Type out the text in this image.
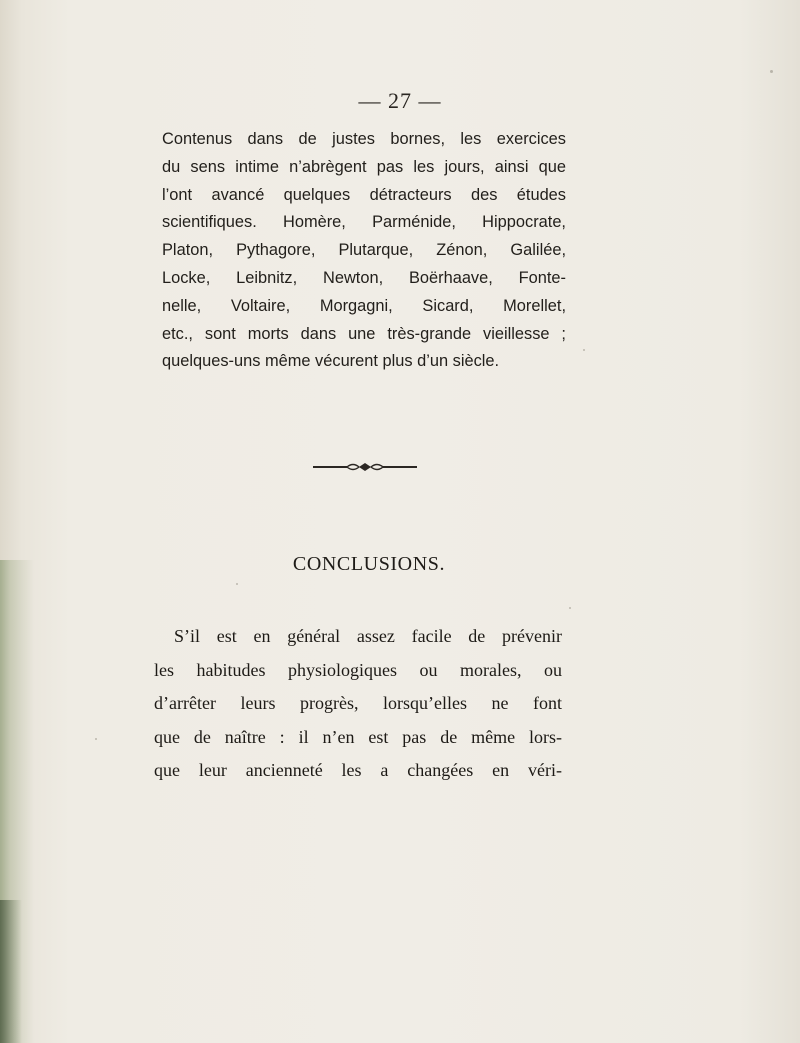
— 27 —
Contenus dans de justes bornes, les exercices
du sens intime n’abrègent pas les jours, ainsi que
l’ont avancé quelques détracteurs des études
scientifiques. Homère, Parménide, Hippocrate,
Platon, Pythagore, Plutarque, Zénon, Galilée,
Locke, Leibnitz, Newton, Boërhaave, Fonte-
nelle, Voltaire, Morgagni, Sicard, Morellet,
etc., sont morts dans une très-grande vieillesse ;
quelques-uns même vécurent plus d’un siècle.
CONCLUSIONS.
S’il est en général assez facile de prévenir
les habitudes physiologiques ou morales, ou
d’arrêter leurs progrès, lorsqu’elles ne font
que de naître : il n’en est pas de même lors-
que leur ancienneté les a changées en véri-
